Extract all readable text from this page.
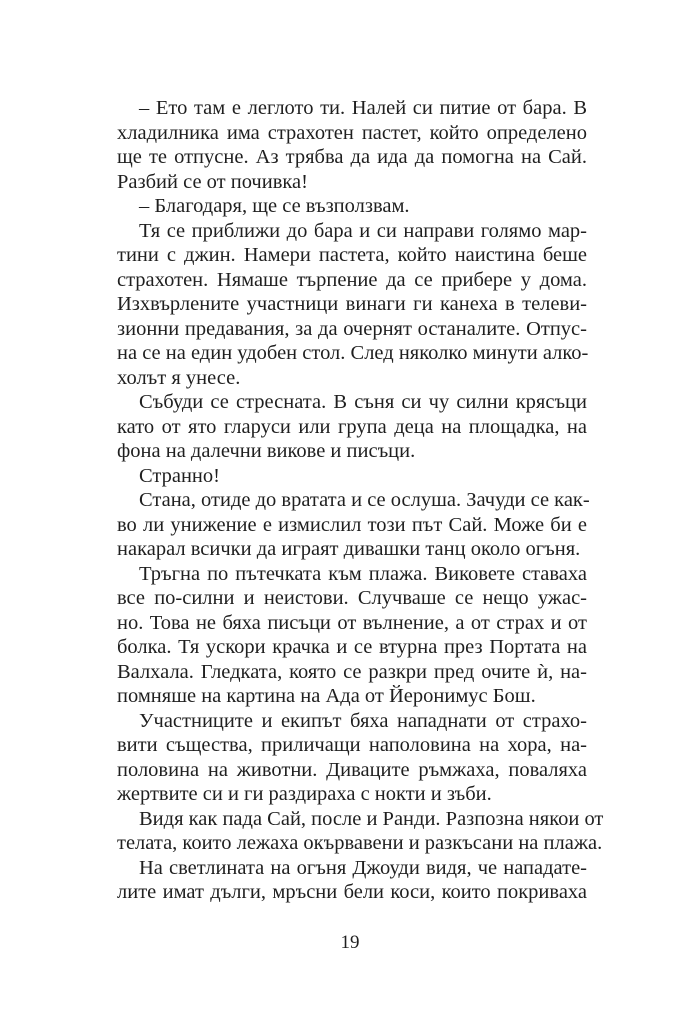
– Ето там е леглото ти. Налей си питие от бара. В
хладилника има страхотен пастет, който определено
ще те отпусне. Аз трябва да ида да помогна на Сай.
Разбий се от почивка!
– Благодаря, ще се възползвам.
Тя се приближи до бара и си направи голямо мар-
тини с джин. Намери пастета, който наистина беше
страхотен. Нямаше търпение да се прибере у дома.
Изхвърлените участници винаги ги канеха в телеви-
зионни предавания, за да очернят останалите. Отпус-
на се на един удобен стол. След няколко минути алко-
холът я унесе.
Събуди се стресната. В съня си чу силни крясъци
като от ято гларуси или група деца на площадка, на
фона на далечни викове и писъци.
Странно!
Стана, отиде до вратата и се ослуша. Зачуди се как-
во ли унижение е измислил този път Сай. Може би е
накарал всички да играят дивашки танц около огъня.
Тръгна по пътечката към плажа. Виковете ставаха
все по-силни и неистови. Случваше се нещо ужас-
но. Това не бяха писъци от вълнение, а от страх и от
болка. Тя ускори крачка и се втурна през Портата на
Валхала. Гледката, която се разкри пред очите ѝ, на-
помняше на картина на Ада от Йеронимус Бош.
Участниците и екипът бяха нападнати от страхо-
вити същества, приличащи наполовина на хора, на-
половина на животни. Диваците ръмжаха, поваляха
жертвите си и ги раздираха с нокти и зъби.
Видя как пада Сай, после и Ранди. Разпозна някои от
телата, които лежаха окървавени и разкъсани на плажа.
На светлината на огъня Джоуди видя, че нападате-
лите имат дълги, мръсни бели коси, които покриваха
19
